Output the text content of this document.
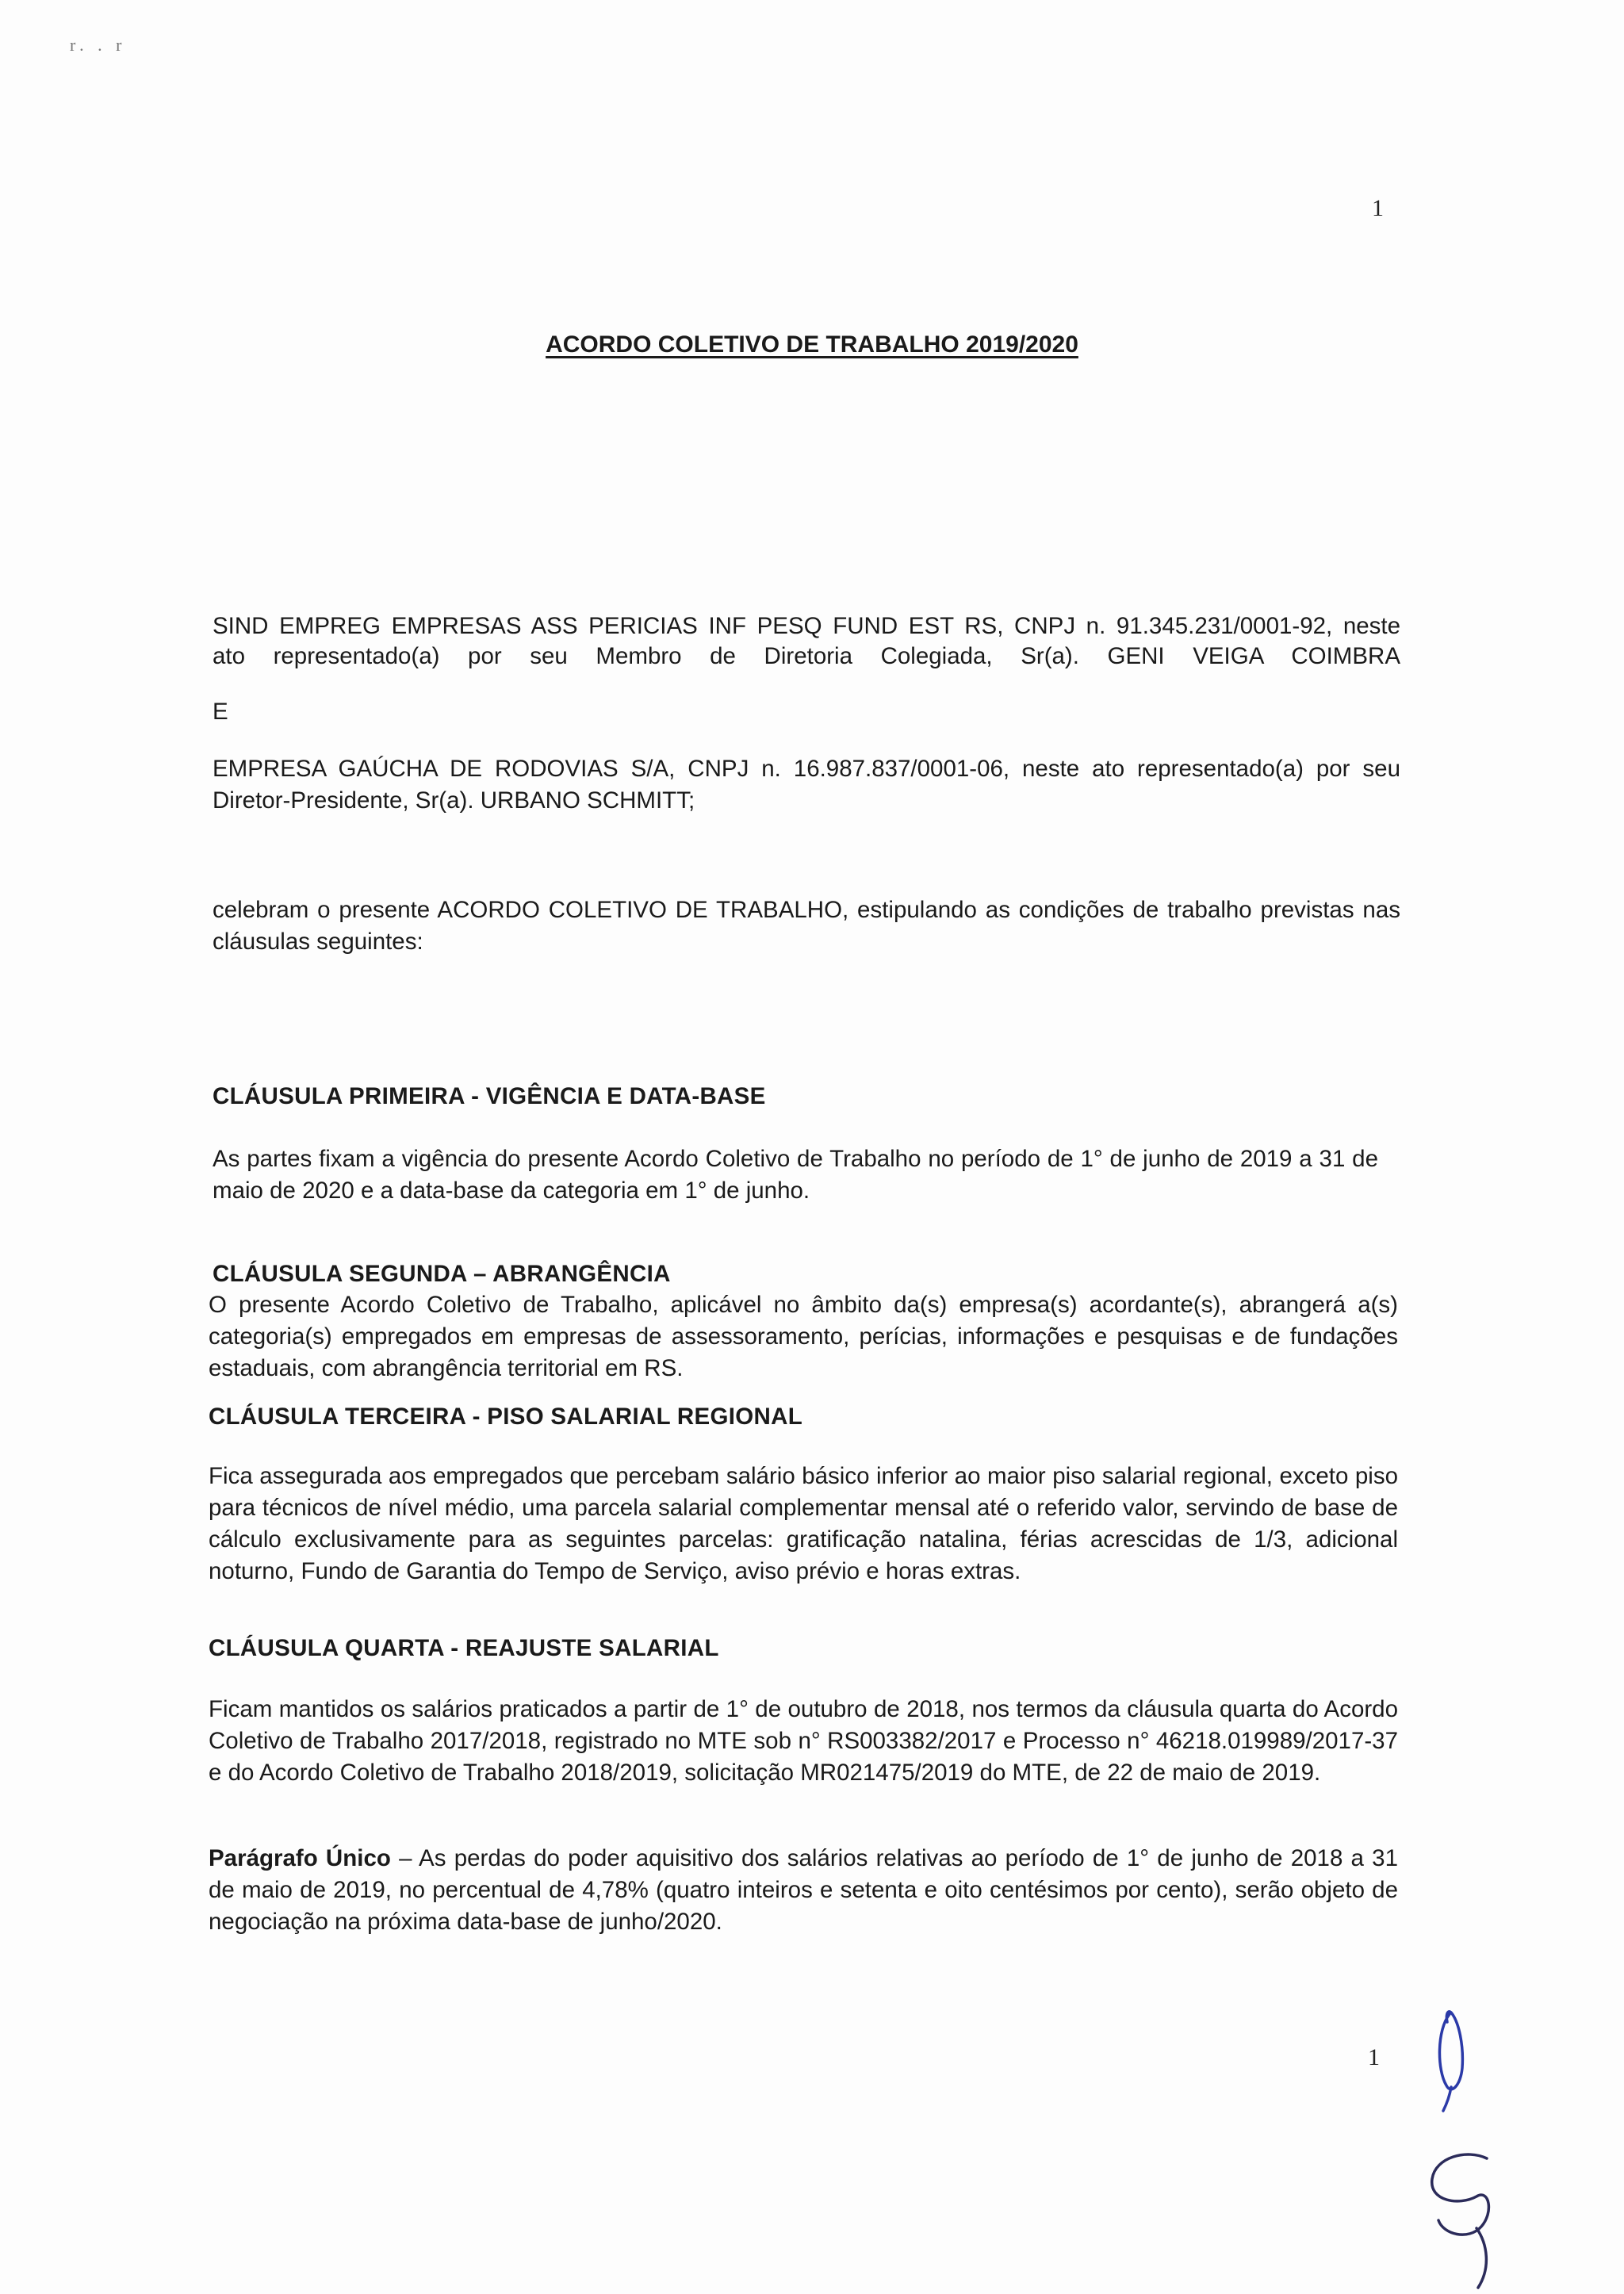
r. . r
1
ACORDO COLETIVO DE TRABALHO 2019/2020

SIND EMPREG EMPRESAS ASS PERICIAS INF PESQ FUND EST RS, CNPJ n. 91.345.231/0001-92, neste

ato representado(a) por seu Membro de Diretoria Colegiada, Sr(a). GENI VEIGA COIMBRA

E

EMPRESA GAÚCHA DE RODOVIAS S/A, CNPJ n. 16.987.837/0001-06, neste ato representado(a) por seu

Diretor-Presidente, Sr(a). URBANO SCHMITT;

celebram o presente ACORDO COLETIVO DE TRABALHO, estipulando as condições de trabalho previstas nas cláusulas seguintes:

CLÁUSULA PRIMEIRA - VIGÊNCIA E DATA-BASE

As partes fixam a vigência do presente Acordo Coletivo de Trabalho no período de 1° de junho de 2019 a 31 de maio de 2020 e a data-base da categoria em 1° de junho.

CLÁUSULA SEGUNDA – ABRANGÊNCIA

O presente Acordo Coletivo de Trabalho, aplicável no âmbito da(s) empresa(s) acordante(s), abrangerá a(s) categoria(s) empregados em empresas de assessoramento, perícias, informações e pesquisas e de fundações estaduais, com abrangência territorial em RS.

CLÁUSULA TERCEIRA - PISO SALARIAL REGIONAL

Fica assegurada aos empregados que percebam salário básico inferior ao maior piso salarial regional, exceto piso para técnicos de nível médio, uma parcela salarial complementar mensal até o referido valor, servindo de base de cálculo exclusivamente para as seguintes parcelas: gratificação natalina, férias acrescidas de 1/3, adicional noturno, Fundo de Garantia do Tempo de Serviço, aviso prévio e horas extras.

CLÁUSULA QUARTA - REAJUSTE SALARIAL

Ficam mantidos os salários praticados a partir de 1° de outubro de 2018, nos termos da cláusula quarta do Acordo Coletivo de Trabalho 2017/2018, registrado no MTE sob n° RS003382/2017 e Processo n° 46218.019989/2017-37 e do Acordo Coletivo de Trabalho 2018/2019, solicitação MR021475/2019 do MTE, de 22 de maio de 2019.

Parágrafo Único – As perdas do poder aquisitivo dos salários relativas ao período de 1° de junho de 2018 a 31 de maio de 2019, no percentual de 4,78% (quatro inteiros e setenta e oito centésimos por cento), serão objeto de negociação na próxima data-base de junho/2020.

1
